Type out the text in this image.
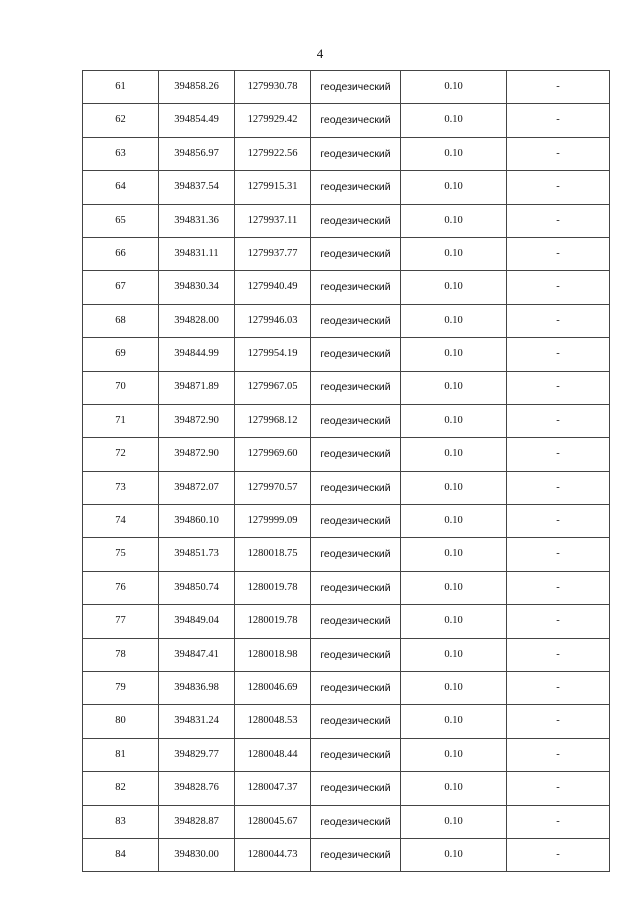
4
61	394858.26	1279930.78	геодезический	0.10	-
62	394854.49	1279929.42	геодезический	0.10	-
63	394856.97	1279922.56	геодезический	0.10	-
64	394837.54	1279915.31	геодезический	0.10	-
65	394831.36	1279937.11	геодезический	0.10	-
66	394831.11	1279937.77	геодезический	0.10	-
67	394830.34	1279940.49	геодезический	0.10	-
68	394828.00	1279946.03	геодезический	0.10	-
69	394844.99	1279954.19	геодезический	0.10	-
70	394871.89	1279967.05	геодезический	0.10	-
71	394872.90	1279968.12	геодезический	0.10	-
72	394872.90	1279969.60	геодезический	0.10	-
73	394872.07	1279970.57	геодезический	0.10	-
74	394860.10	1279999.09	геодезический	0.10	-
75	394851.73	1280018.75	геодезический	0.10	-
76	394850.74	1280019.78	геодезический	0.10	-
77	394849.04	1280019.78	геодезический	0.10	-
78	394847.41	1280018.98	геодезический	0.10	-
79	394836.98	1280046.69	геодезический	0.10	-
80	394831.24	1280048.53	геодезический	0.10	-
81	394829.77	1280048.44	геодезический	0.10	-
82	394828.76	1280047.37	геодезический	0.10	-
83	394828.87	1280045.67	геодезический	0.10	-
84	394830.00	1280044.73	геодезический	0.10	-
